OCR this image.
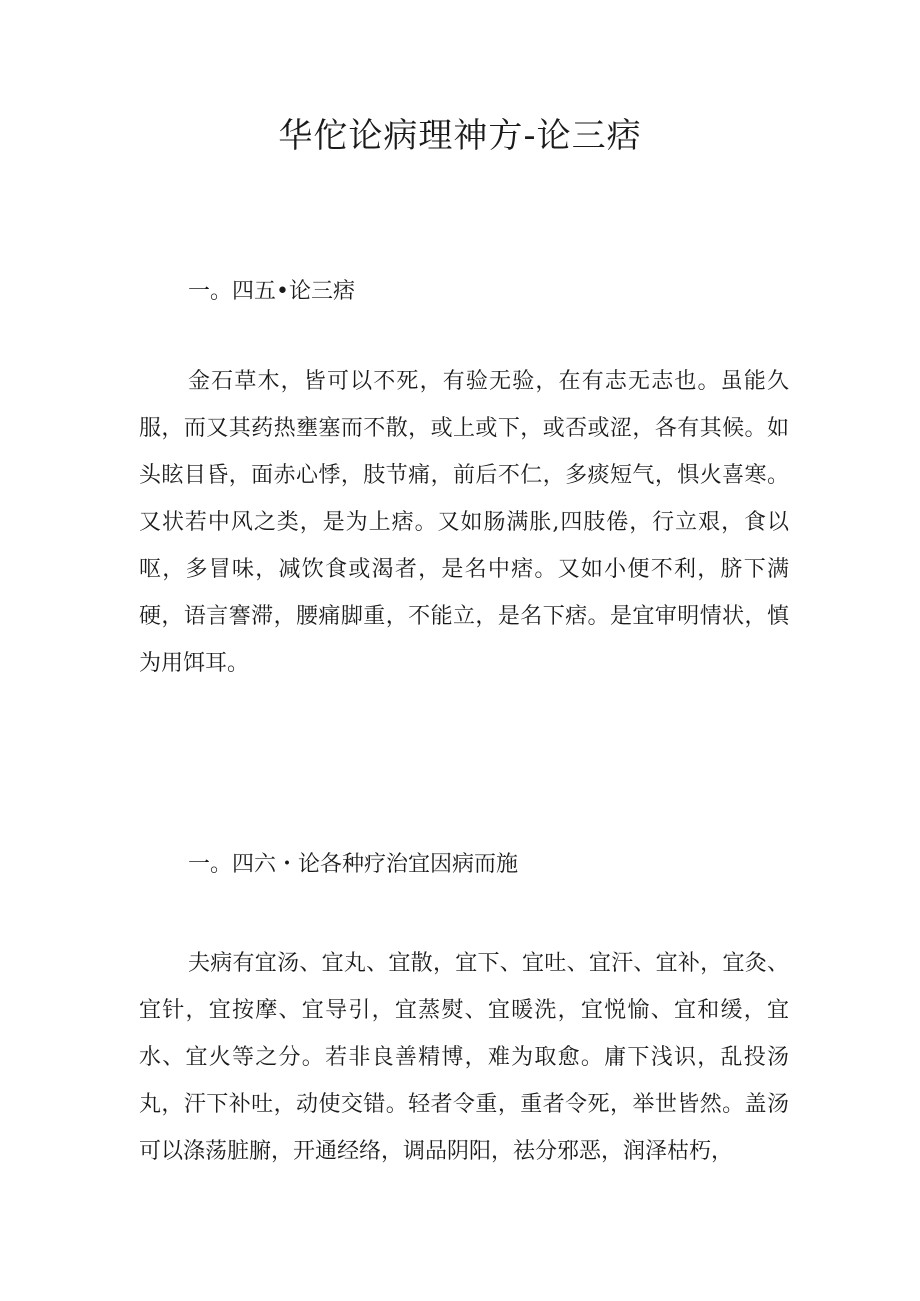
华佗论病理神方-论三痞
一。四五•论三痞

金石草木，皆可以不死，有验无验，在有志无志也。虽能久服，而又其药热壅塞而不散，或上或下，或否或涩，各有其候。如头眩目昏，面赤心悸，肢节痛，前后不仁，多痰短气，惧火喜寒。又状若中风之类，是为上痞。又如肠满胀,四肢倦，行立艰，食以呕，多冒味，减饮食或渴者，是名中痞。又如小便不利，脐下满硬，语言謇滞，腰痛脚重，不能立，是名下痞。是宜审明情状，慎为用饵耳。

一。四六・论各种疗治宜因病而施

夫病有宜汤、宜丸、宜散，宜下、宜吐、宜汗、宜补，宜灸、宜针，宜按摩、宜导引，宜蒸熨、宜暖洗，宜悦愉、宜和缓，宜水、宜火等之分。若非良善精博，难为取愈。庸下浅识，乱投汤丸，汗下补吐，动使交错。轻者令重，重者令死，举世皆然。盖汤可以涤荡脏腑，开通经络，调品阴阳，祛分邪恶，润泽枯朽，
